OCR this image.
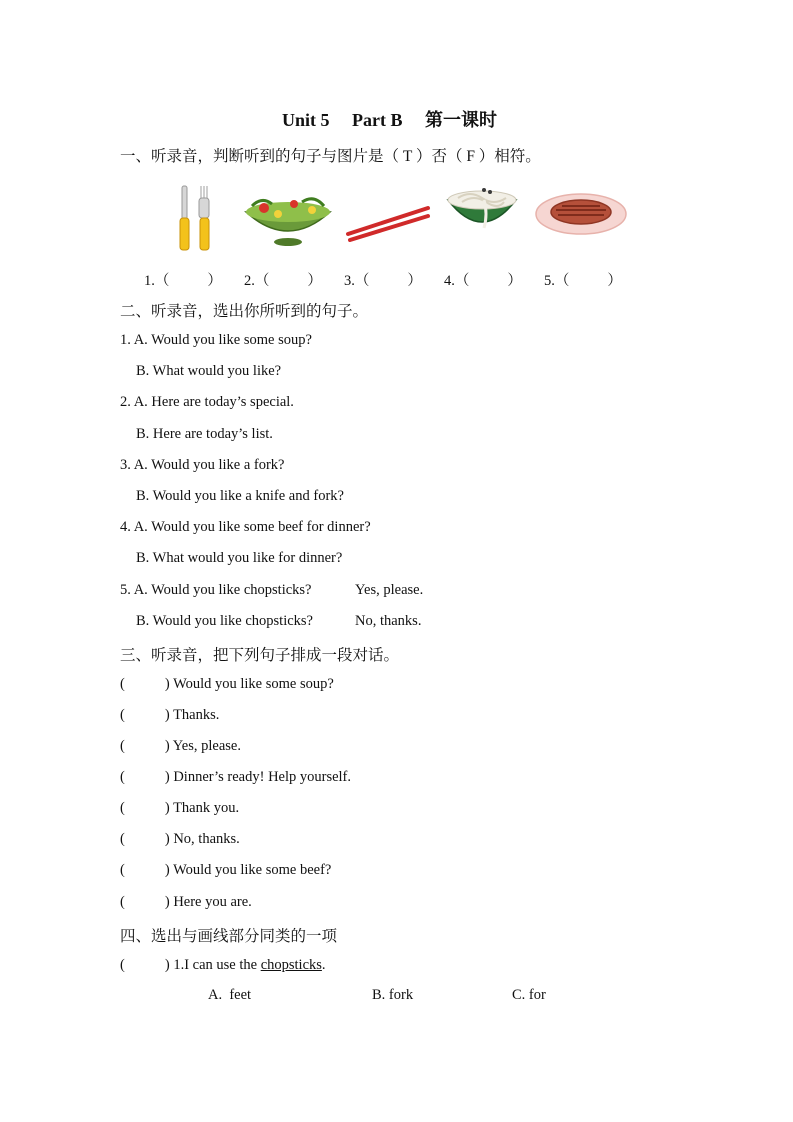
Unit 5 Part B 第一课时
一、听录音，判断听到的句子与图片是（ T ）否（ F ）相符。
1.（	） 2.（	） 3.（	） 4.（	） 5.（	）
二、听录音，选出你所听到的句子。
1. A. Would you like some soup?
B. What would you like?
2. A. Here are today’s special.
B. Here are today’s list.
3. A. Would you like a fork?
B. Would you like a knife and fork?
4. A. Would you like some beef for dinner?
B. What would you like for dinner?
5. A. Would you like chopsticks?	Yes, please.
B. Would you like chopsticks?	No, thanks.
三、听录音，把下列句子排成一段对话。
(	) Would you like some soup?
(	) Thanks.
(	) Yes, please.
(	) Dinner’s ready! Help yourself.
(	) Thank you.
(	) No, thanks.
(	) Would you like some beef?
(	) Here you are.
四、选出与画线部分同类的一项
(	) 1.I can use the chopsticks.
A.  feet	B. fork	C. for
